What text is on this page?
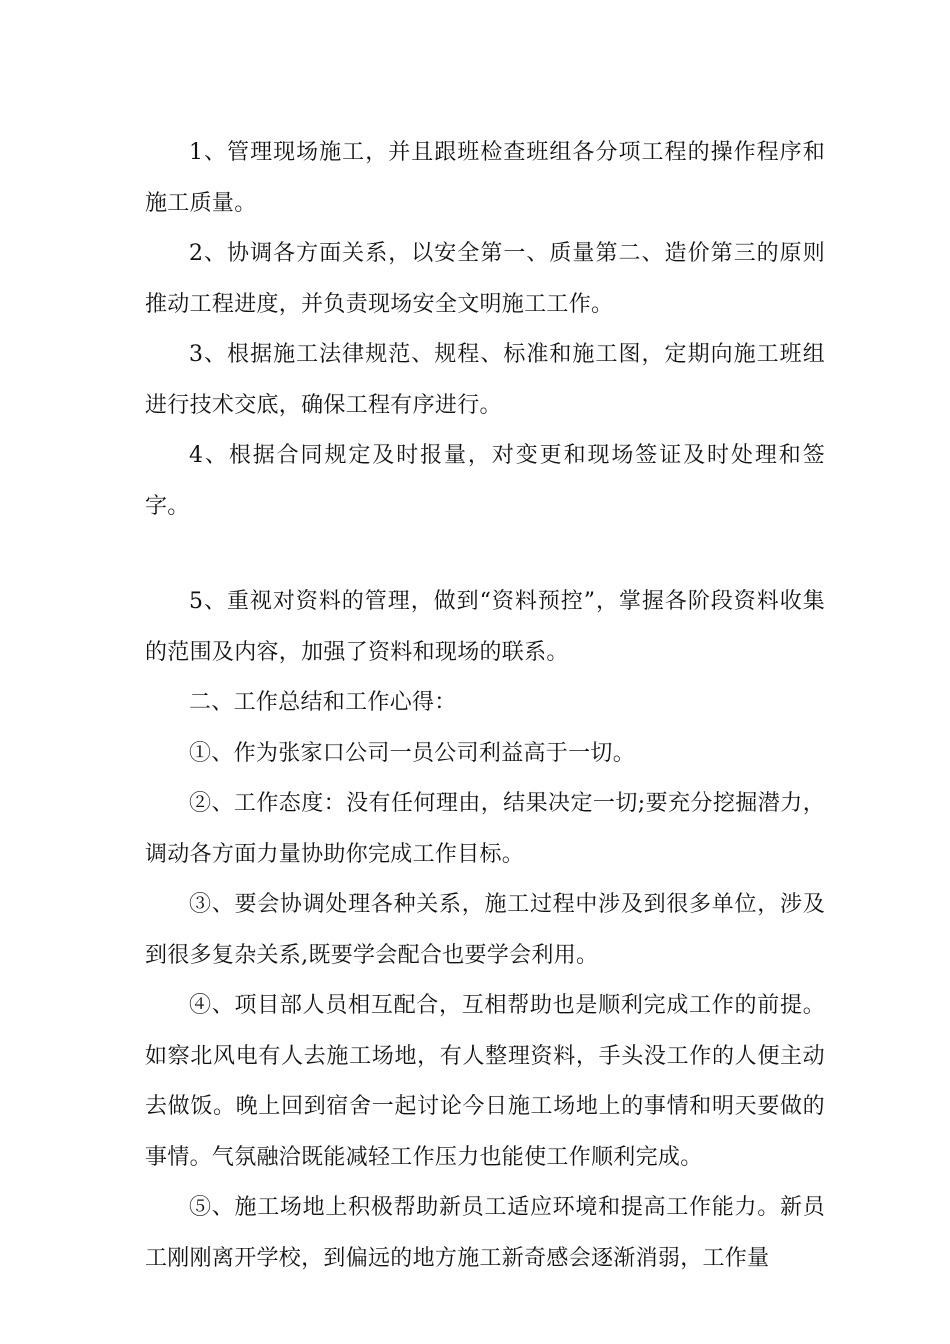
1、管理现场施工，并且跟班检查班组各分项工程的操作程序和施工质量。

2、协调各方面关系，以安全第一、质量第二、造价第三的原则推动工程进度，并负责现场安全文明施工工作。

3、根据施工法律规范、规程、标准和施工图，定期向施工班组进行技术交底，确保工程有序进行。

4、根据合同规定及时报量，对变更和现场签证及时处理和签字。

5、重视对资料的管理，做到“资料预控”，掌握各阶段资料收集的范围及内容，加强了资料和现场的联系。

二、工作总结和工作心得：

①、作为张家口公司一员公司利益高于一切。

②、工作态度：没有任何理由，结果决定一切;要充分挖掘潜力，调动各方面力量协助你完成工作目标。

③、要会协调处理各种关系，施工过程中涉及到很多单位，涉及到很多复杂关系,既要学会配合也要学会利用。

④、项目部人员相互配合，互相帮助也是顺利完成工作的前提。如察北风电有人去施工场地，有人整理资料，手头没工作的人便主动去做饭。晚上回到宿舍一起讨论今日施工场地上的事情和明天要做的事情。气氛融洽既能减轻工作压力也能使工作顺利完成。

⑤、施工场地上积极帮助新员工适应环境和提高工作能力。新员工刚刚离开学校，到偏远的地方施工新奇感会逐渐消弱，工作量
